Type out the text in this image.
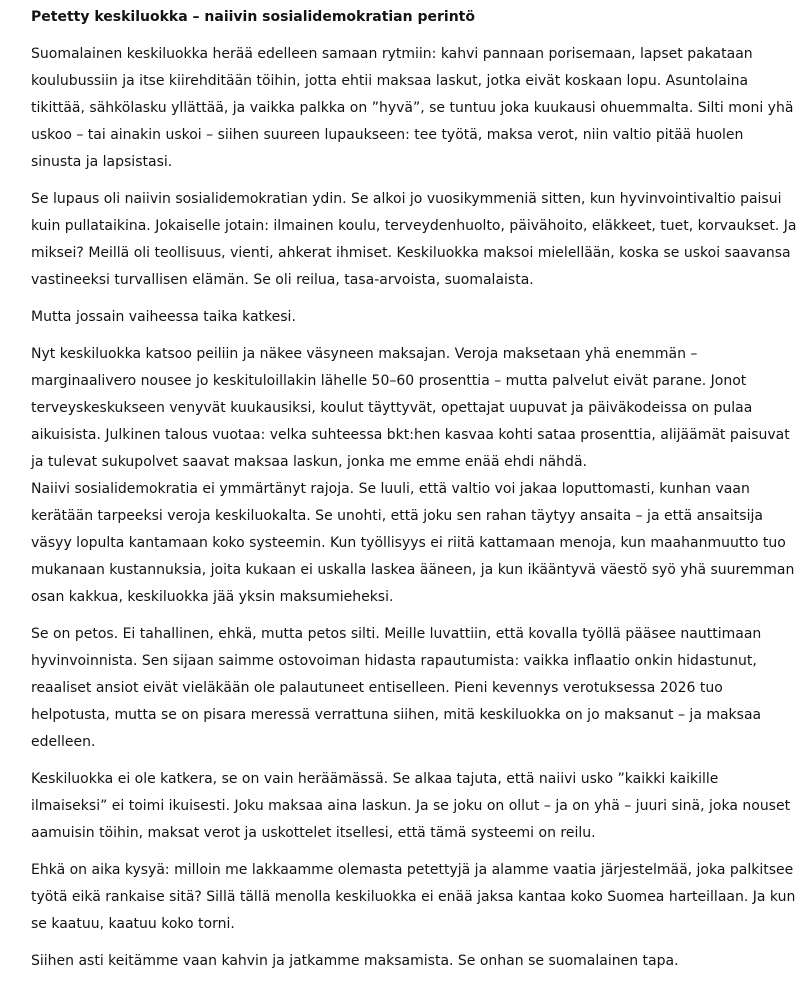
Petetty keskiluokka – naiivin sosialidemokratian perintö

Suomalainen keskiluokka herää edelleen samaan rytmiin: kahvi pannaan porisemaan, lapset pakataan koulubussiin ja itse kiirehditään töihin, jotta ehtii maksaa laskut, jotka eivät koskaan lopu. Asuntolaina tikittää, sähkölasku yllättää, ja vaikka palkka on ”hyvä”, se tuntuu joka kuukausi ohuemmalta. Silti moni yhä uskoo – tai ainakin uskoi – siihen suureen lupaukseen: tee työtä, maksa verot, niin valtio pitää huolen sinusta ja lapsistasi.

Se lupaus oli naiivin sosialidemokratian ydin. Se alkoi jo vuosikymmeniä sitten, kun hyvinvointivaltio paisui kuin pullataikina. Jokaiselle jotain: ilmainen koulu, terveydenhuolto, päivähoito, eläkkeet, tuet, korvaukset. Ja miksei? Meillä oli teollisuus, vienti, ahkerat ihmiset. Keskiluokka maksoi mielellään, koska se uskoi saavansa vastineeksi turvallisen elämän. Se oli reilua, tasa-arvoista, suomalaista.

Mutta jossain vaiheessa taika katkesi.

Nyt keskiluokka katsoo peiliin ja näkee väsyneen maksajan. Veroja maksetaan yhä enemmän – marginaalivero nousee jo keskituloillakin lähelle 50–60 prosenttia – mutta palvelut eivät parane. Jonot terveyskeskukseen venyvät kuukausiksi, koulut täyttyvät, opettajat uupuvat ja päiväkodeissa on pulaa aikuisista. Julkinen talous vuotaa: velka suhteessa bkt:hen kasvaa kohti sataa prosenttia, alijäämät paisuvat ja tulevat sukupolvet saavat maksaa laskun, jonka me emme enää ehdi nähdä.

Naiivi sosialidemokratia ei ymmärtänyt rajoja. Se luuli, että valtio voi jakaa loputtomasti, kunhan vaan kerätään tarpeeksi veroja keskiluokalta. Se unohti, että joku sen rahan täytyy ansaita – ja että ansaitsija väsyy lopulta kantamaan koko systeemin. Kun työllisyys ei riitä kattamaan menoja, kun maahanmuutto tuo mukanaan kustannuksia, joita kukaan ei uskalla laskea ääneen, ja kun ikääntyvä väestö syö yhä suuremman osan kakkua, keskiluokka jää yksin maksumieheksi.

Se on petos. Ei tahallinen, ehkä, mutta petos silti. Meille luvattiin, että kovalla työllä pääsee nauttimaan hyvinvoinnista. Sen sijaan saimme ostovoiman hidasta rapautumista: vaikka inflaatio onkin hidastunut, reaaliset ansiot eivät vieläkään ole palautuneet entiselleen. Pieni kevennys verotuksessa 2026 tuo helpotusta, mutta se on pisara meressä verrattuna siihen, mitä keskiluokka on jo maksanut – ja maksaa edelleen.

Keskiluokka ei ole katkera, se on vain heräämässä. Se alkaa tajuta, että naiivi usko ”kaikki kaikille ilmaiseksi” ei toimi ikuisesti. Joku maksaa aina laskun. Ja se joku on ollut – ja on yhä – juuri sinä, joka nouset aamuisin töihin, maksat verot ja uskottelet itsellesi, että tämä systeemi on reilu.

Ehkä on aika kysyä: milloin me lakkaamme olemasta petettyjä ja alamme vaatia järjestelmää, joka palkitsee työtä eikä rankaise sitä? Sillä tällä menolla keskiluokka ei enää jaksa kantaa koko Suomea harteillaan. Ja kun se kaatuu, kaatuu koko torni.

Siihen asti keitämme vaan kahvin ja jatkamme maksamista. Se onhan se suomalainen tapa.
